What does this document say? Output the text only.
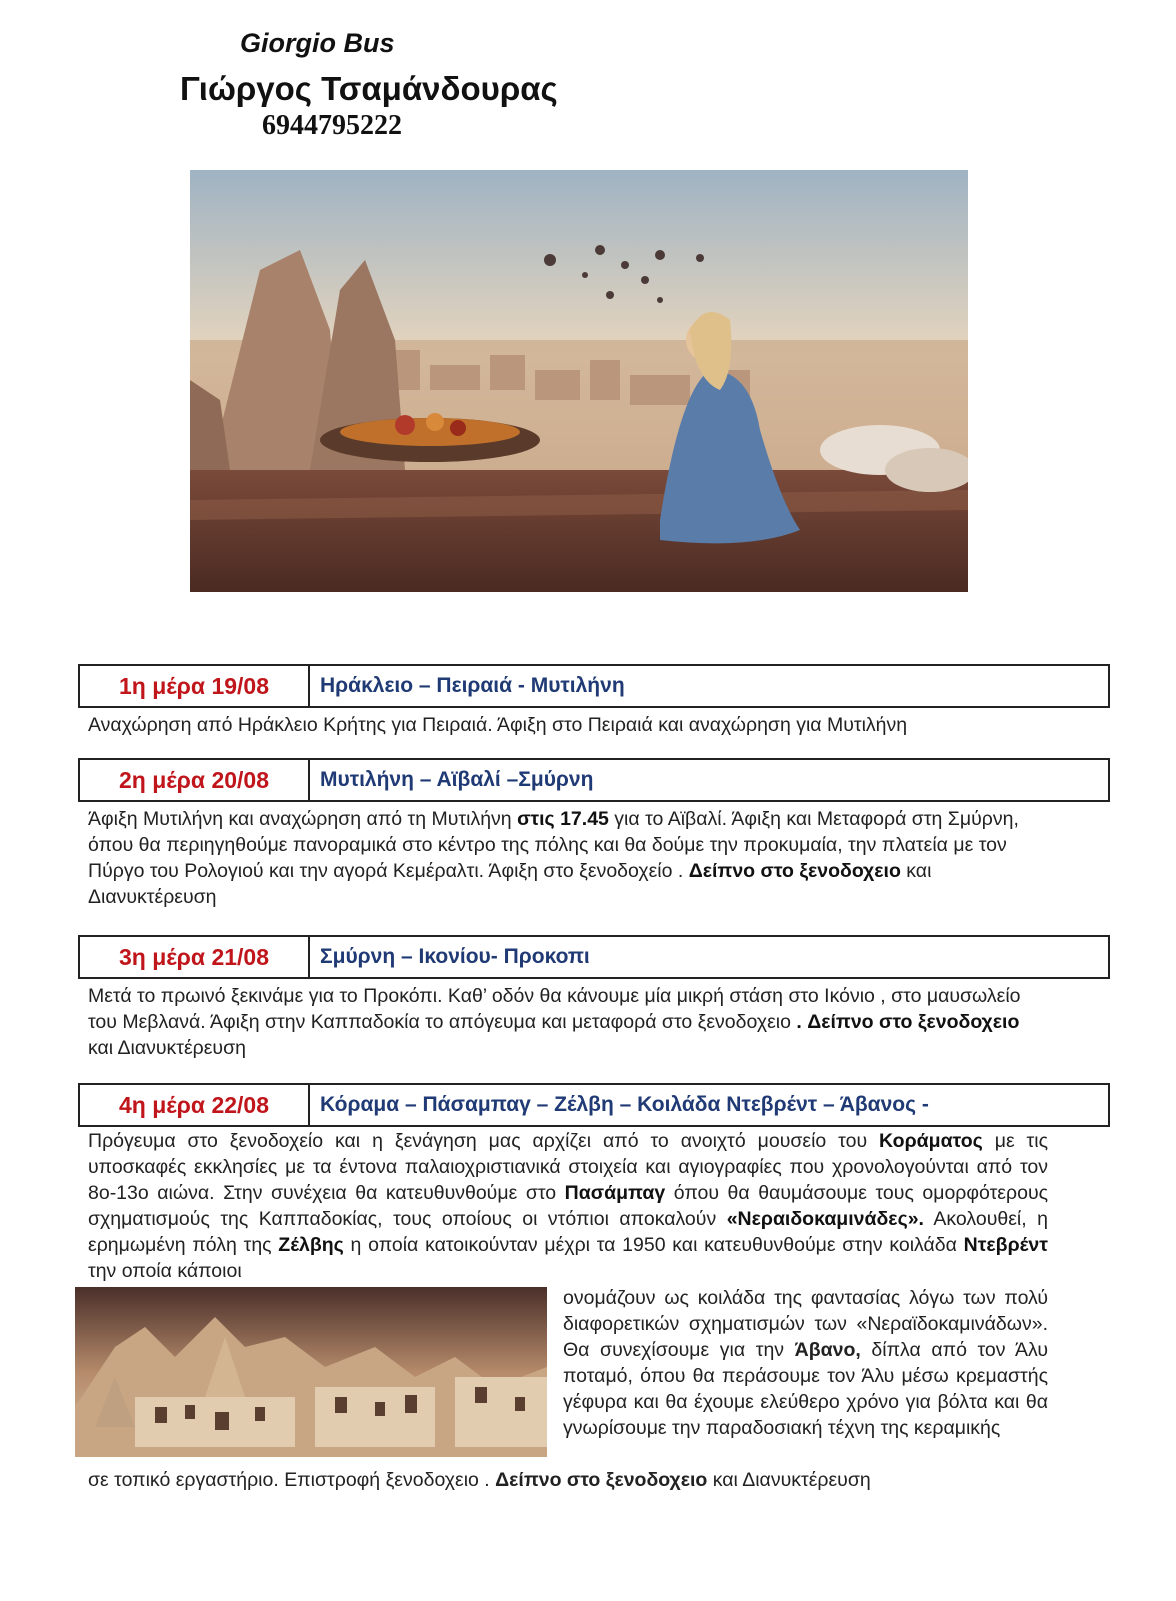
Giorgio Bus
Γιώργος Τσαμάνδουρας
6944795222
1η μέρα 19/08	Ηράκλειο – Πειραιά - Μυτιλήνη
Αναχώρηση από Ηράκλειο Κρήτης για Πειραιά. Άφιξη στο Πειραιά και αναχώρηση για Μυτιλήνη
2η μέρα 20/08	Μυτιλήνη – Αϊβαλί –Σμύρνη
Άφιξη Μυτιλήνη και αναχώρηση από τη Μυτιλήνη στις 17.45 για το Αϊβαλί. Άφιξη και Μεταφορά στη Σμύρνη, όπου θα περιηγηθούμε πανοραμικά στο κέντρο της πόλης και θα δούμε την προκυμαία, την πλατεία με τον Πύργο του Ρολογιού και την αγορά Κεμέραλτι. Άφιξη στο ξενοδοχείο . Δείπνο στο ξενοδοχειο και Διανυκτέρευση
3η μέρα 21/08	Σμύρνη – Ικονίου- Προκοπι
Μετά το πρωινό ξεκινάμε για το Προκόπι. Καθ’ οδόν θα κάνουμε μία μικρή στάση στο Ικόνιο , στο μαυσωλείο του Μεβλανά. Άφιξη στην Καππαδοκία το απόγευμα και μεταφορά στο ξενοδοχειο . Δείπνο στο ξενοδοχειο και Διανυκτέρευση
4η μέρα 22/08	Κόραμα – Πάσαμπαγ – Ζέλβη – Κοιλάδα Ντεβρέντ – Άβανος -
Πρόγευμα στο ξενοδοχείο και η ξενάγηση μας αρχίζει από το ανοιχτό μουσείο του Κοράματος με τις υποσκαφές εκκλησίες με τα έντονα παλαιοχριστιανικά στοιχεία και αγιογραφίες που χρονολογούνται από τον 8ο-13ο αιώνα. Στην συνέχεια θα κατευθυνθούμε στο Πασάμπαγ όπου θα θαυμάσουμε τους ομορφότερους σχηματισμούς της Καππαδοκίας, τους οποίους οι ντόπιοι αποκαλούν «Νεραιδοκαμινάδες». Ακολουθεί, η ερημωμένη πόλη της Ζέλβης η οποία κατοικούνταν μέχρι τα 1950 και κατευθυνθούμε στην κοιλάδα Ντεβρέντ την οποία κάποιοι
ονομάζουν ως κοιλάδα της φαντασίας λόγω των πολύ διαφορετικών σχηματισμών των «Νεραϊδοκαμινάδων». Θα συνεχίσουμε για την Άβανο, δίπλα από τον Άλυ ποταμό, όπου θα περάσουμε τον Άλυ μέσω κρεμαστής γέφυρα και θα έχουμε ελεύθερο χρόνο για βόλτα και θα γνωρίσουμε την παραδοσιακή τέχνη της κεραμικής
σε τοπικό εργαστήριο. Επιστροφή ξενοδοχειο . Δείπνο στο ξενοδοχειο και Διανυκτέρευση
